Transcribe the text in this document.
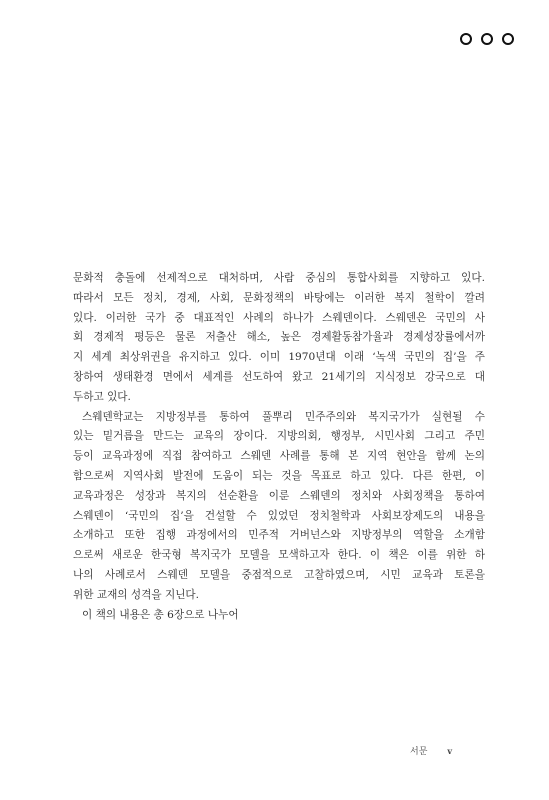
문화적 충돌에 선제적으로 대처하며, 사람 중심의 통합사회를 지향하고 있다.
따라서 모든 정치, 경제, 사회, 문화정책의 바탕에는 이러한 복지 철학이 깔려
있다. 이러한 국가 중 대표적인 사례의 하나가 스웨덴이다. 스웨덴은 국민의 사
회 경제적 평등은 물론 저출산 해소, 높은 경제활동참가율과 경제성장률에서까
지 세계 최상위권을 유지하고 있다. 이미 1970년대 이래 ‘녹색 국민의 집’을 주
창하여 생태환경 면에서 세계를 선도하여 왔고 21세기의 지식정보 강국으로 대
두하고 있다.
스웨덴학교는 지방정부를 통하여 풀뿌리 민주주의와 복지국가가 실현될 수
있는 밑거름을 만드는 교육의 장이다. 지방의회, 행정부, 시민사회 그리고 주민
등이 교육과정에 직접 참여하고 스웨덴 사례를 통해 본 지역 현안을 함께 논의
함으로써 지역사회 발전에 도움이 되는 것을 목표로 하고 있다. 다른 한편, 이
교육과정은 성장과 복지의 선순환을 이룬 스웨덴의 정치와 사회정책을 통하여
스웨덴이 ‘국민의 집’을 건설할 수 있었던 정치철학과 사회보장제도의 내용을
소개하고 또한 집행 과정에서의 민주적 거버넌스와 지방정부의 역할을 소개함
으로써 새로운 한국형 복지국가 모델을 모색하고자 한다. 이 책은 이를 위한 하
나의 사례로서 스웨덴 모델을 중점적으로 고찰하였으며, 시민 교육과 토론을
위한 교재의 성격을 지닌다.
이 책의 내용은 총 6장으로 나누어
서문	v
